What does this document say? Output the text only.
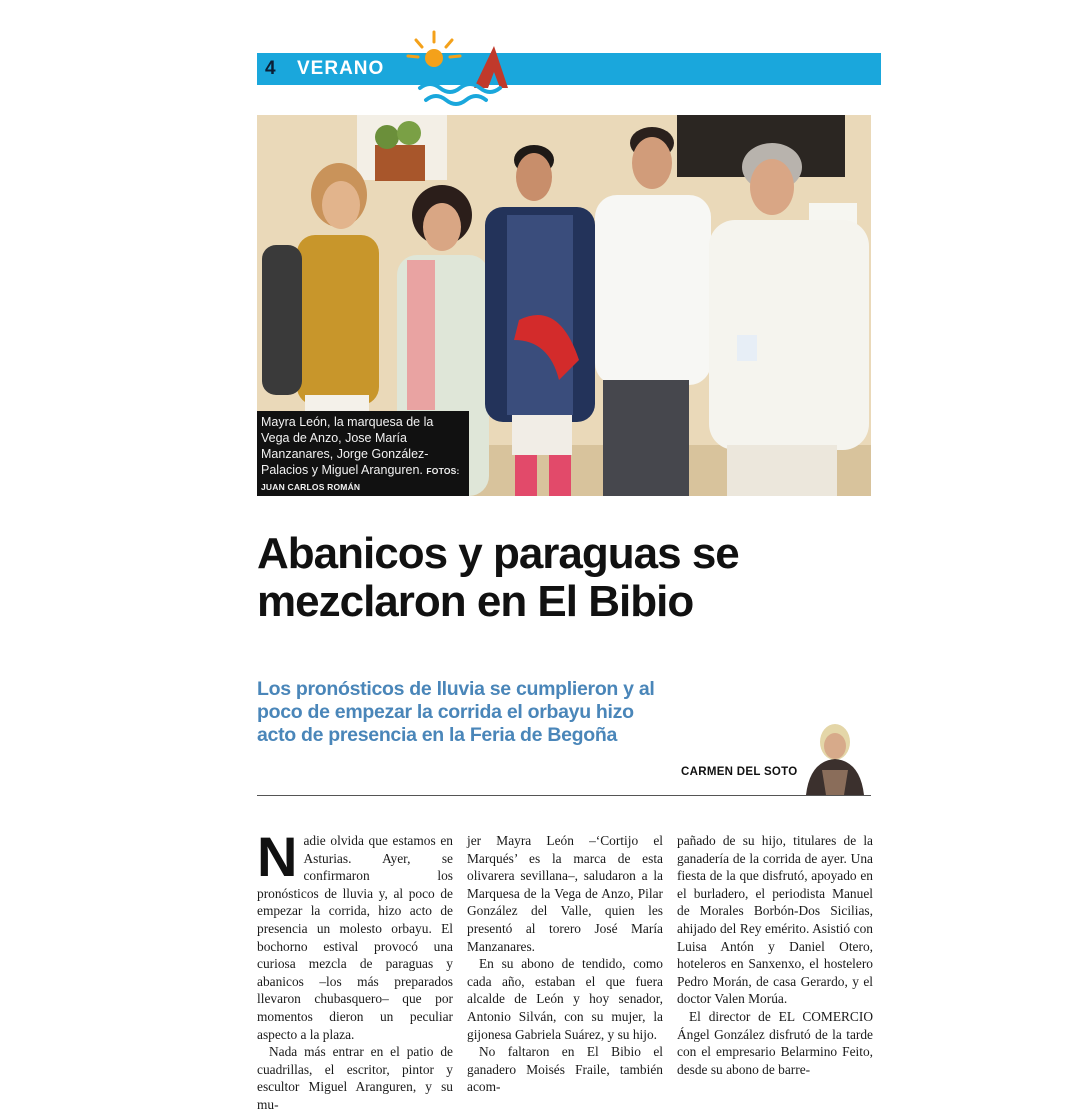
4 VERANO
Mayra León, la marquesa de la Vega de Anzo, Jose María Manzanares, Jorge González-Palacios y Miguel Aranguren. FOTOS: JUAN CARLOS ROMÁN
Abanicos y paraguas se mezclaron en El Bibio

Los pronósticos de lluvia se cumplieron y al poco de empezar la corrida el orbayu hizo acto de presencia en la Feria de Begoña

CARMEN DEL SOTO

Nadie olvida que estamos en Asturias. Ayer, se confirmaron los pronósticos de lluvia y, al poco de empezar la corrida, hizo acto de presencia un molesto orbayu. El bochorno estival provocó una curiosa mezcla de paraguas y abanicos –los más preparados llevaron chubasquero– que por momentos dieron un peculiar aspecto a la plaza.

Nada más entrar en el patio de cuadrillas, el escritor, pintor y escultor Miguel Aranguren, y su mu-

jer Mayra León –‘Cortijo el Marqués’ es la marca de esta olivarera sevillana–, saludaron a la Marquesa de la Vega de Anzo, Pilar González del Valle, quien les presentó al torero José María Manzanares.

En su abono de tendido, como cada año, estaban el que fuera alcalde de León y hoy senador, Antonio Silván, con su mujer, la gijonesa Gabriela Suárez, y su hijo.

No faltaron en El Bibio el ganadero Moisés Fraile, también acom-

pañado de su hijo, titulares de la ganadería de la corrida de ayer. Una fiesta de la que disfrutó, apoyado en el burladero, el periodista Manuel de Morales Borbón-Dos Sicilias, ahijado del Rey emérito. Asistió con Luisa Antón y Daniel Otero, hoteleros en Sanxenxo, el hostelero Pedro Morán, de casa Gerardo, y el doctor Valen Morúa.

El director de EL COMERCIO Ángel González disfrutó de la tarde con el empresario Belarmino Feito, desde su abono de barre-
